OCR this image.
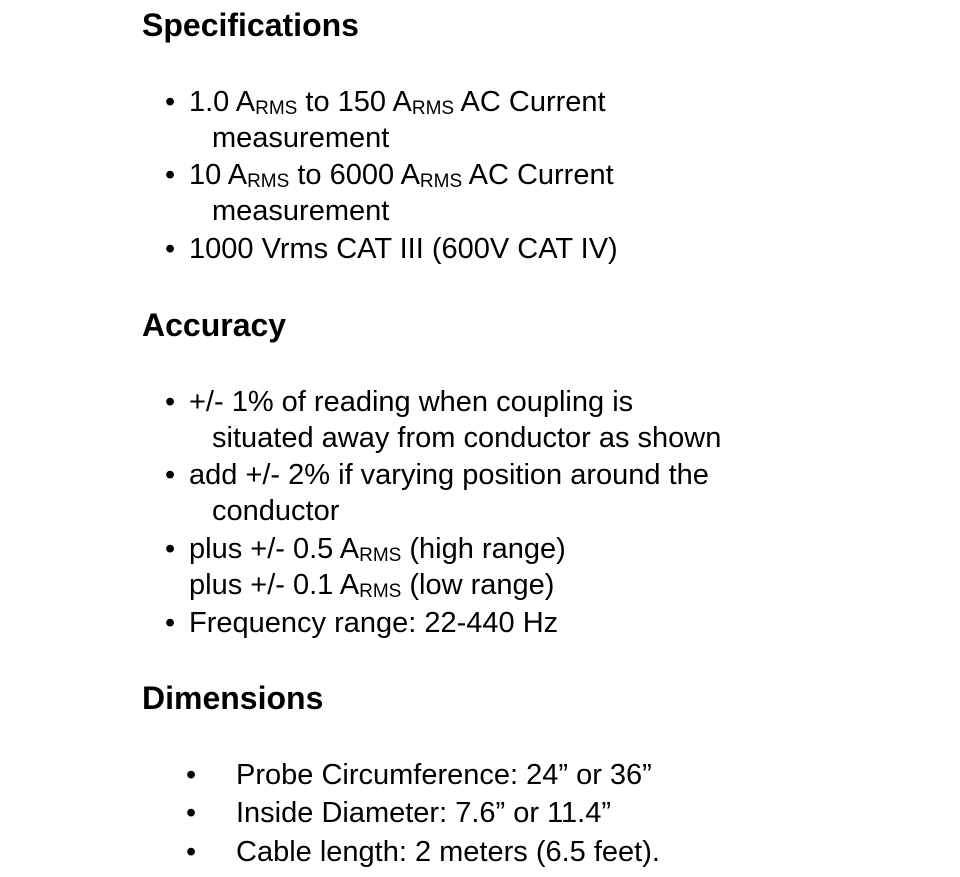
Specifications
• 1.0 ARMS to 150 ARMS AC Current
measurement
• 10 ARMS to 6000 ARMS AC Current
measurement
• 1000 Vrms CAT III (600V CAT IV)
Accuracy
• +/- 1% of reading when coupling is
situated away from conductor as shown
• add +/- 2% if varying position around the
conductor
• plus +/- 0.5 ARMS (high range)
plus +/- 0.1 ARMS (low range)
• Frequency range: 22-440 Hz
Dimensions
• Probe Circumference: 24” or 36”
• Inside Diameter: 7.6” or 11.4”
• Cable length: 2 meters (6.5 feet).
